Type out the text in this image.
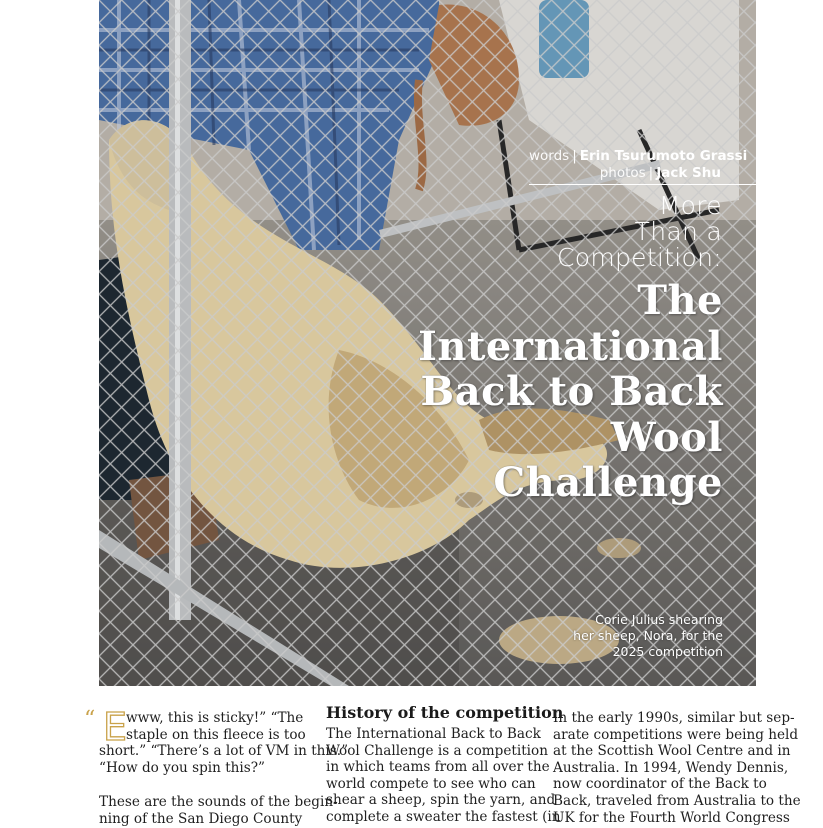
words | Erin Tsurumoto Grassi
photos | Jack Shu
More
Than a
Competition:
The
International
Back to Back
Wool
Challenge
Corie Julius shearing
her sheep, Nora, for the
2025 competition
“ E
www, this is sticky!” “The
staple on this fleece is too
short.” “There’s a lot of VM in this.”
“How do you spin this?”
These are the sounds of the begin-
ning of the San Diego County
History of the competition
The International Back to Back
Wool Challenge is a competition
in which teams from all over the
world compete to see who can
shear a sheep, spin the yarn, and
complete a sweater the fastest (in
In the early 1990s, similar but sep-
arate competitions were being held
at the Scottish Wool Centre and in
Australia. In 1994, Wendy Dennis,
now coordinator of the Back to
Back, traveled from Australia to the
UK for the Fourth World Congress
